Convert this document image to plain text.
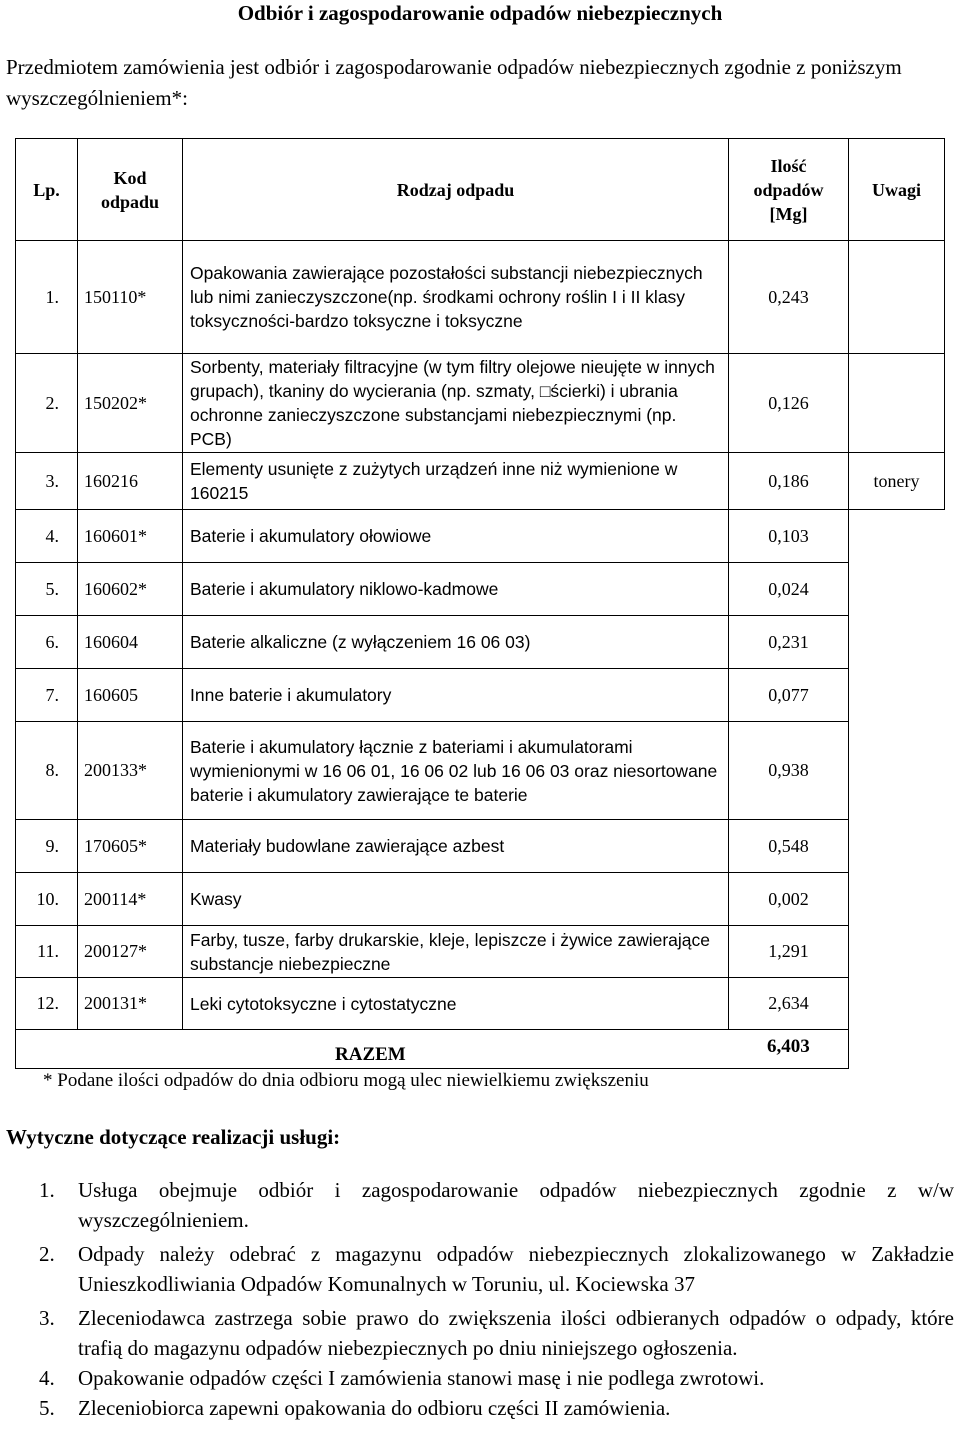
Odbiór i zagospodarowanie odpadów niebezpiecznych
Przedmiotem zamówienia jest odbiór i zagospodarowanie odpadów niebezpiecznych zgodnie z poniższym wyszczególnieniem*:
Lp.	Kod odpadu	Rodzaj odpadu	Ilość odpadów [Mg]	Uwagi
1.	150110*	Opakowania zawierające pozostałości substancji niebezpiecznych lub nimi zanieczyszczone(np. środkami ochrony roślin I i II klasy toksyczności-bardzo toksyczne i toksyczne	0,243	
2.	150202*	Sorbenty, materiały filtracyjne (w tym filtry olejowe nieujęte w innych grupach), tkaniny do wycierania (np. szmaty, □ścierki) i ubrania ochronne zanieczyszczone substancjami niebezpiecznymi (np. PCB)	0,126	
3.	160216	Elementy usunięte z zużytych urządzeń inne niż wymienione w 160215	0,186	tonery
4.	160601*	Baterie i akumulatory ołowiowe	0,103	
5.	160602*	Baterie i akumulatory niklowo-kadmowe	0,024	
6.	160604	Baterie alkaliczne (z wyłączeniem 16 06 03)	0,231	
7.	160605	Inne baterie i akumulatory	0,077	
8.	200133*	Baterie i akumulatory łącznie z bateriami i akumulatorami wymienionymi w 16 06 01, 16 06 02 lub 16 06 03 oraz niesortowane baterie i akumulatory zawierające te baterie	0,938	
9.	170605*	Materiały budowlane zawierające azbest	0,548	
10.	200114*	Kwasy	0,002	
11.	200127*	Farby, tusze, farby drukarskie, kleje, lepiszcze i żywice zawierające substancje niebezpieczne	1,291	
12.	200131*	Leki cytotoksyczne i cytostatyczne	2,634	

RAZEM	6,403
* Podane ilości odpadów do dnia odbioru mogą ulec niewielkiemu zwiększeniu
Wytyczne dotyczące realizacji usługi:
1. Usługa obejmuje odbiór i zagospodarowanie odpadów niebezpiecznych zgodnie z w/w wyszczególnieniem.
2. Odpady należy odebrać z magazynu odpadów niebezpiecznych zlokalizowanego w Zakładzie Unieszkodliwiania Odpadów Komunalnych w Toruniu, ul. Kociewska 37
3. Zleceniodawca zastrzega sobie prawo do zwiększenia ilości odbieranych odpadów o odpady, które trafią do magazynu odpadów niebezpiecznych po dniu niniejszego ogłoszenia.
4. Opakowanie odpadów części I zamówienia stanowi masę i nie podlega zwrotowi.
5. Zleceniobiorca zapewni opakowania do odbioru części II zamówienia.
